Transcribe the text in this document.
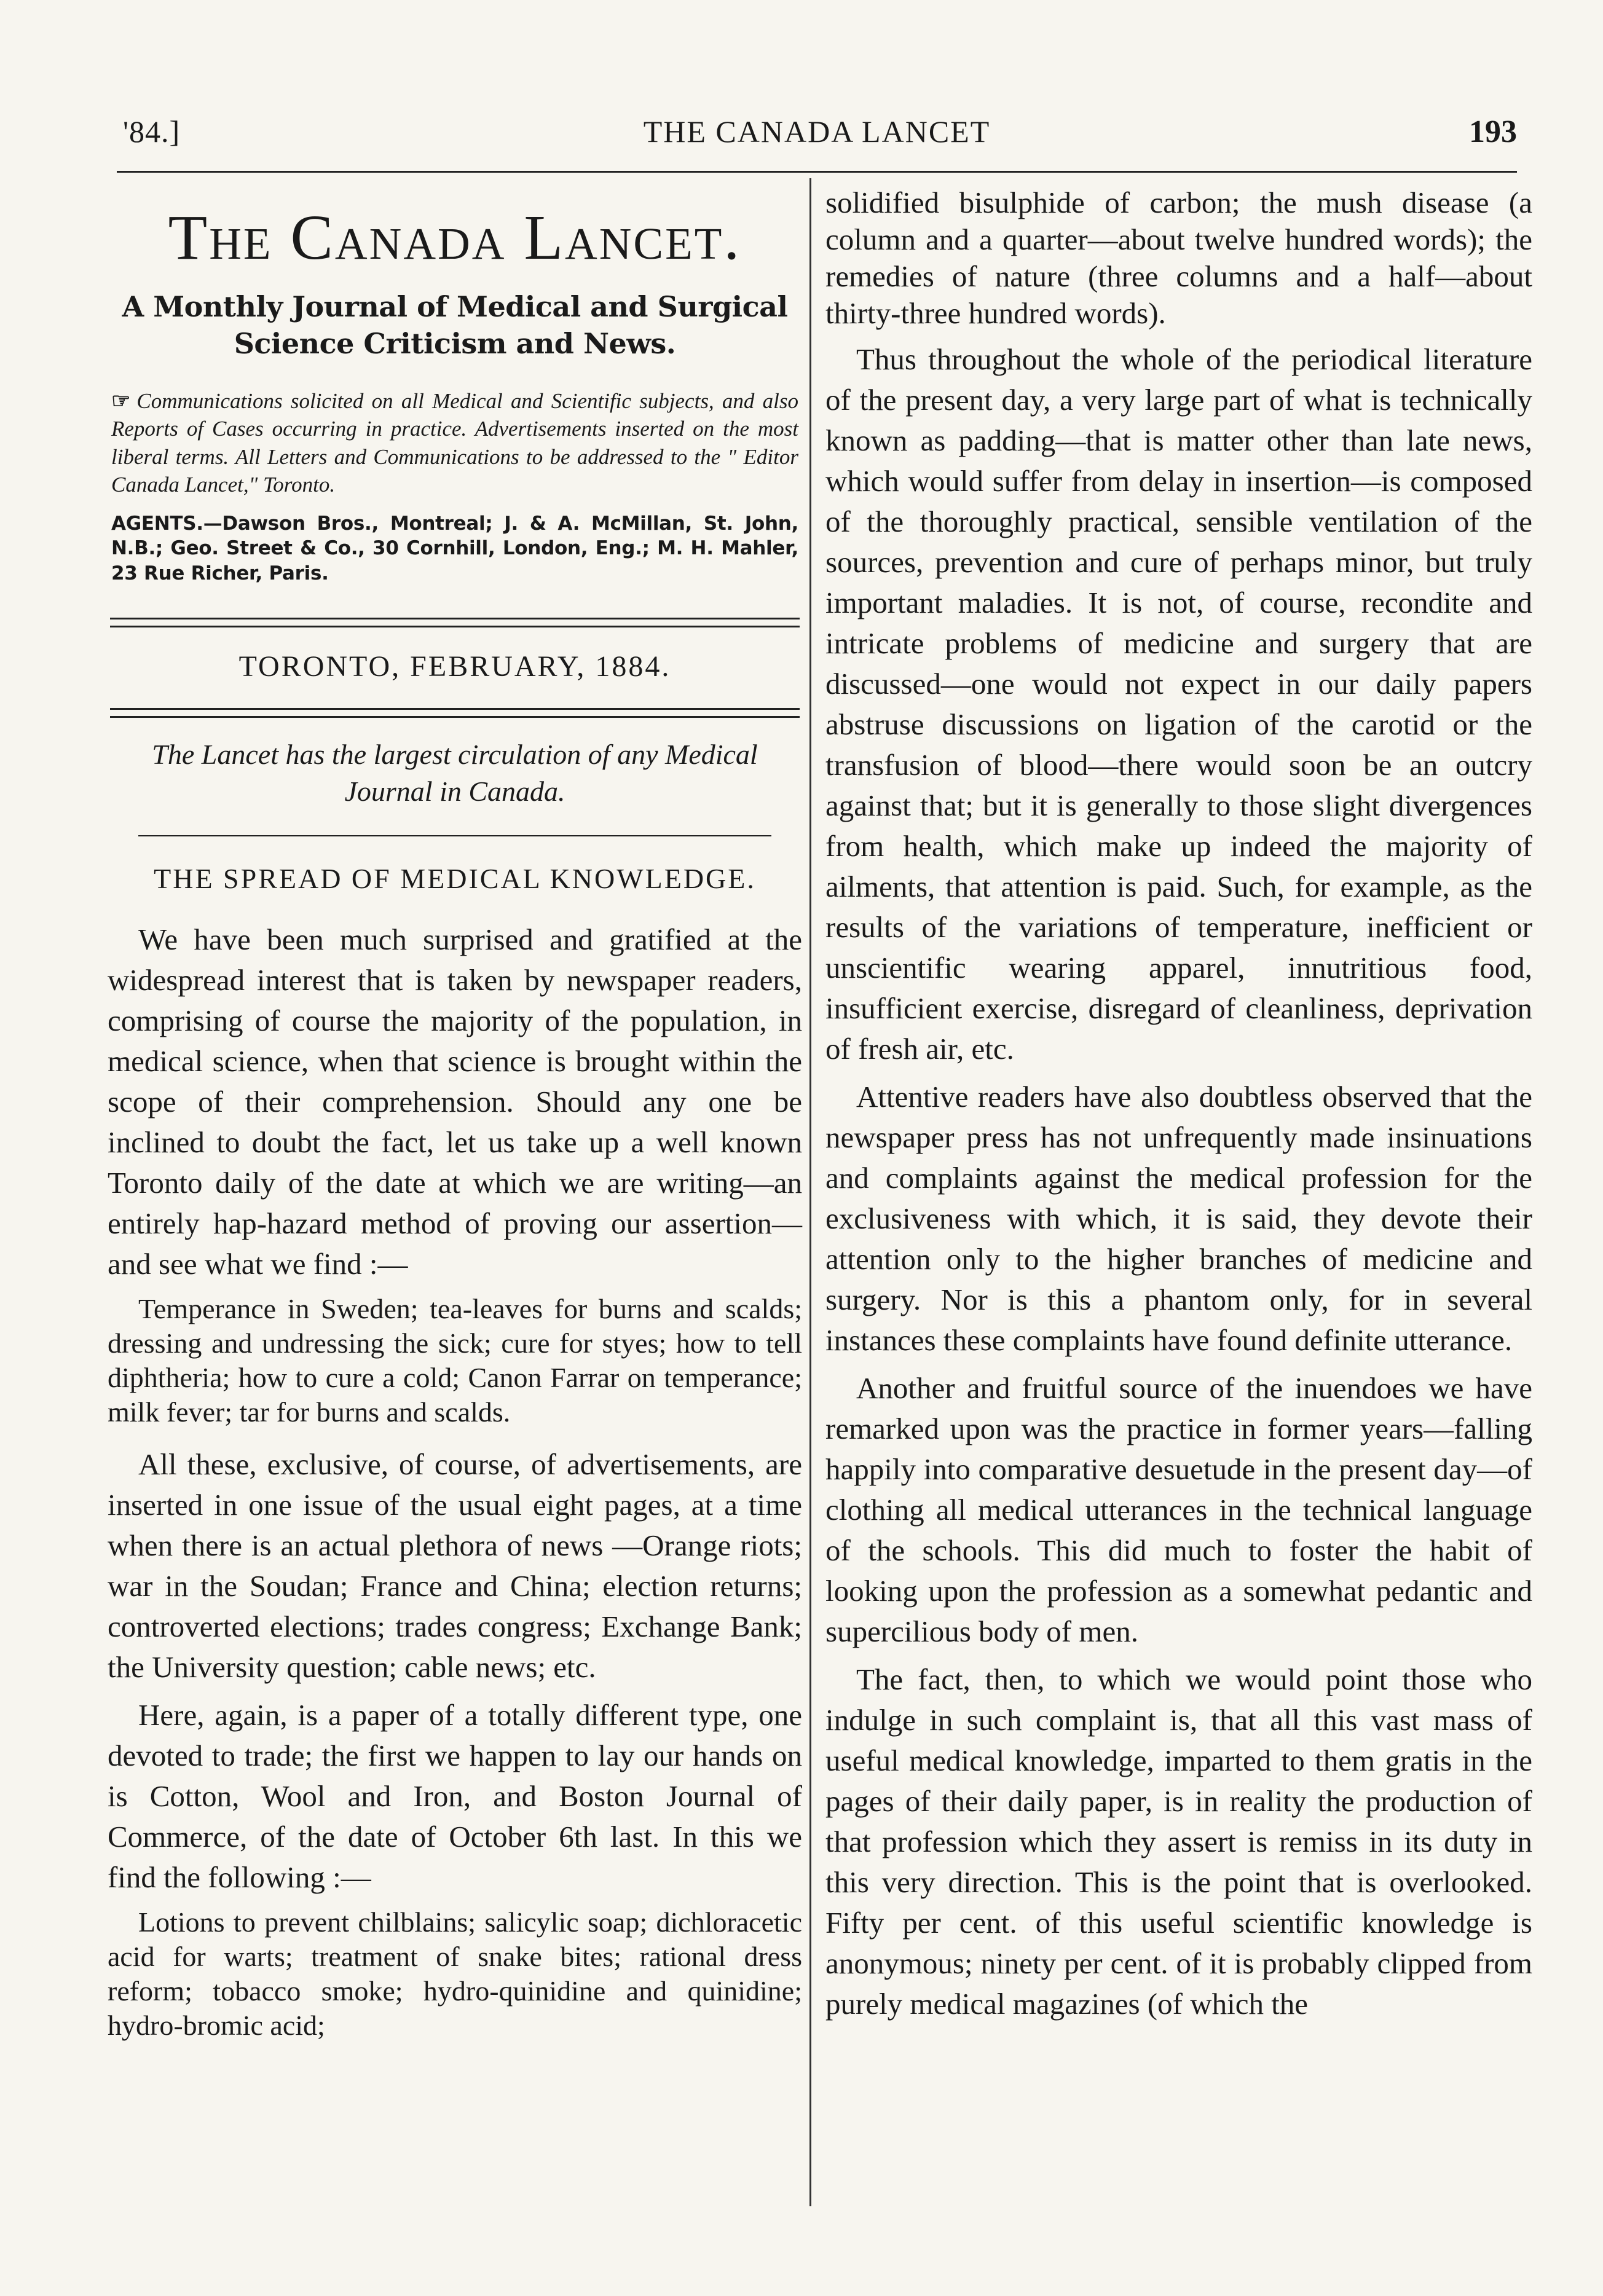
'84.]	THE CANADA LANCET	193
The Canada Lancet.
A Monthly Journal of Medical and Surgical Science Criticism and News.
☞ Communications solicited on all Medical and Scientific subjects, and also Reports of Cases occurring in practice. Advertisements inserted on the most liberal terms. All Letters and Communications to be addressed to the " Editor Canada Lancet," Toronto.
AGENTS.—Dawson Bros., Montreal; J. & A. McMillan, St. John, N.B.; Geo. Street & Co., 30 Cornhill, London, Eng.; M. H. Mahler, 23 Rue Richer, Paris.
TORONTO, FEBRUARY, 1884.
The Lancet has the largest circulation of any Medical Journal in Canada.
THE SPREAD OF MEDICAL KNOWLEDGE.

We have been much surprised and gratified at the widespread interest that is taken by newspaper readers, comprising of course the majority of the population, in medical science, when that science is brought within the scope of their comprehension. Should any one be inclined to doubt the fact, let us take up a well known Toronto daily of the date at which we are writing—an entirely hap-hazard method of proving our assertion—and see what we find :—

Temperance in Sweden; tea-leaves for burns and scalds; dressing and undressing the sick; cure for styes; how to tell diphtheria; how to cure a cold; Canon Farrar on temperance; milk fever; tar for burns and scalds.

All these, exclusive, of course, of advertisements, are inserted in one issue of the usual eight pages, at a time when there is an actual plethora of news —Orange riots; war in the Soudan; France and China; election returns; controverted elections; trades congress; Exchange Bank; the University question; cable news; etc.

Here, again, is a paper of a totally different type, one devoted to trade; the first we happen to lay our hands on is Cotton, Wool and Iron, and Boston Journal of Commerce, of the date of October 6th last. In this we find the following :—

Lotions to prevent chilblains; salicylic soap; dichloracetic acid for warts; treatment of snake bites; rational dress reform; tobacco smoke; hydro-quinidine and quinidine; hydro-bromic acid;

solidified bisulphide of carbon; the mush disease (a column and a quarter—about twelve hundred words); the remedies of nature (three columns and a half—about thirty-three hundred words).

Thus throughout the whole of the periodical literature of the present day, a very large part of what is technically known as padding—that is matter other than late news, which would suffer from delay in insertion—is composed of the thoroughly practical, sensible ventilation of the sources, prevention and cure of perhaps minor, but truly important maladies. It is not, of course, recondite and intricate problems of medicine and surgery that are discussed—one would not expect in our daily papers abstruse discussions on ligation of the carotid or the transfusion of blood—there would soon be an outcry against that; but it is generally to those slight divergences from health, which make up indeed the majority of ailments, that attention is paid. Such, for example, as the results of the variations of temperature, inefficient or unscientific wearing apparel, innutritious food, insufficient exercise, disregard of cleanliness, deprivation of fresh air, etc.

Attentive readers have also doubtless observed that the newspaper press has not unfrequently made insinuations and complaints against the medical profession for the exclusiveness with which, it is said, they devote their attention only to the higher branches of medicine and surgery. Nor is this a phantom only, for in several instances these complaints have found definite utterance.

Another and fruitful source of the inuendoes we have remarked upon was the practice in former years—falling happily into comparative desuetude in the present day—of clothing all medical utterances in the technical language of the schools. This did much to foster the habit of looking upon the profession as a somewhat pedantic and supercilious body of men.

The fact, then, to which we would point those who indulge in such complaint is, that all this vast mass of useful medical knowledge, imparted to them gratis in the pages of their daily paper, is in reality the production of that profession which they assert is remiss in its duty in this very direction. This is the point that is overlooked. Fifty per cent. of this useful scientific knowledge is anonymous; ninety per cent. of it is probably clipped from purely medical magazines (of which the
